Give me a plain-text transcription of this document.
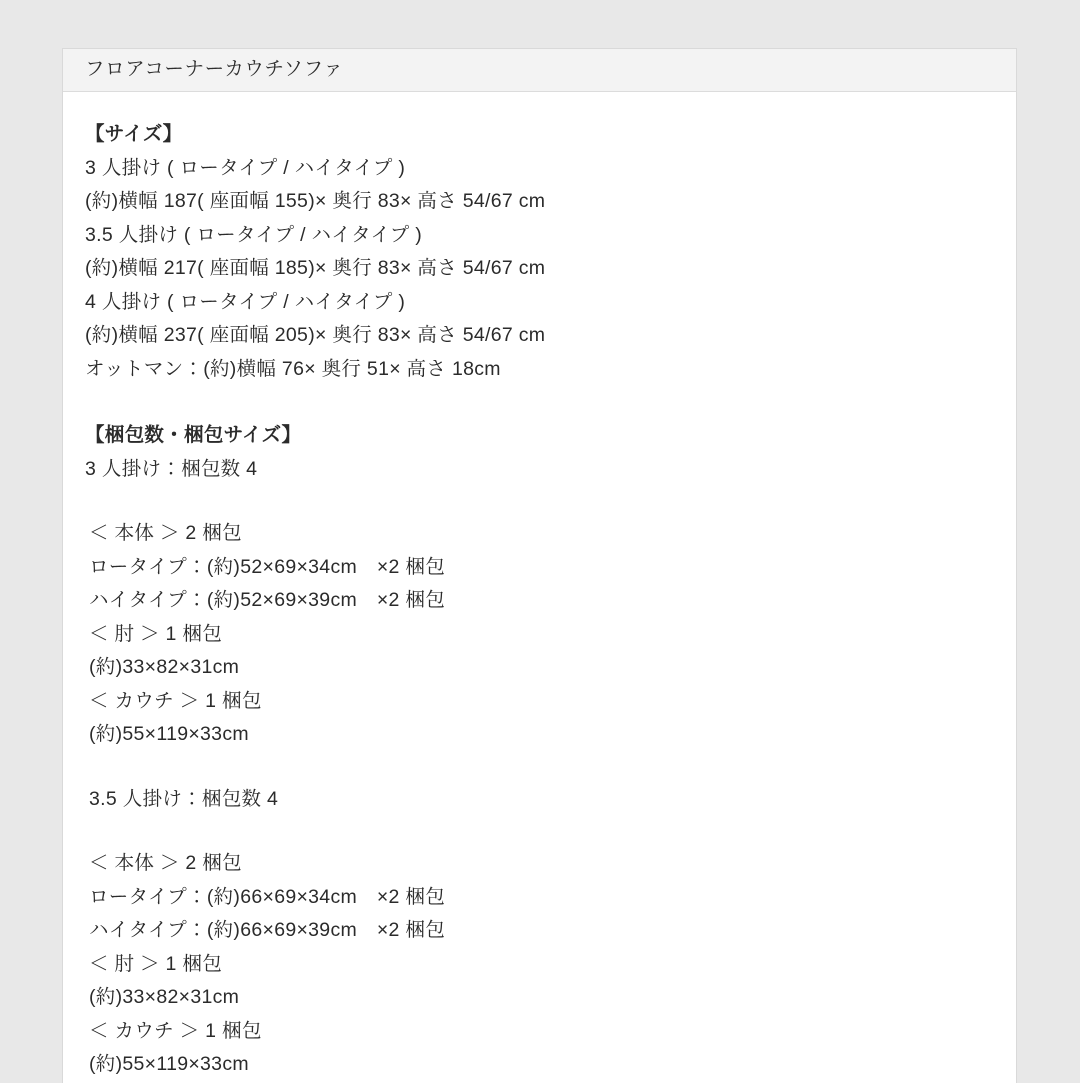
フロアコーナーカウチソファ
【サイズ】
3 人掛け ( ロータイプ / ハイタイプ )
(約)横幅 187( 座面幅 155)× 奥行 83× 高さ 54/67 cm
3.5 人掛け ( ロータイプ / ハイタイプ )
(約)横幅 217( 座面幅 185)× 奥行 83× 高さ 54/67 cm
4 人掛け ( ロータイプ / ハイタイプ )
(約)横幅 237( 座面幅 205)× 奥行 83× 高さ 54/67 cm
オットマン：(約)横幅 76× 奥行 51× 高さ 18cm
【梱包数・梱包サイズ】
3 人掛け：梱包数 4
＜ 本体 ＞ 2 梱包
ロータイプ：(約)52×69×34cm　×2 梱包
ハイタイプ：(約)52×69×39cm　×2 梱包
＜ 肘 ＞ 1 梱包
(約)33×82×31cm
＜ カウチ ＞ 1 梱包
(約)55×119×33cm
3.5 人掛け：梱包数 4
＜ 本体 ＞ 2 梱包
ロータイプ：(約)66×69×34cm　×2 梱包
ハイタイプ：(約)66×69×39cm　×2 梱包
＜ 肘 ＞ 1 梱包
(約)33×82×31cm
＜ カウチ ＞ 1 梱包
(約)55×119×33cm
